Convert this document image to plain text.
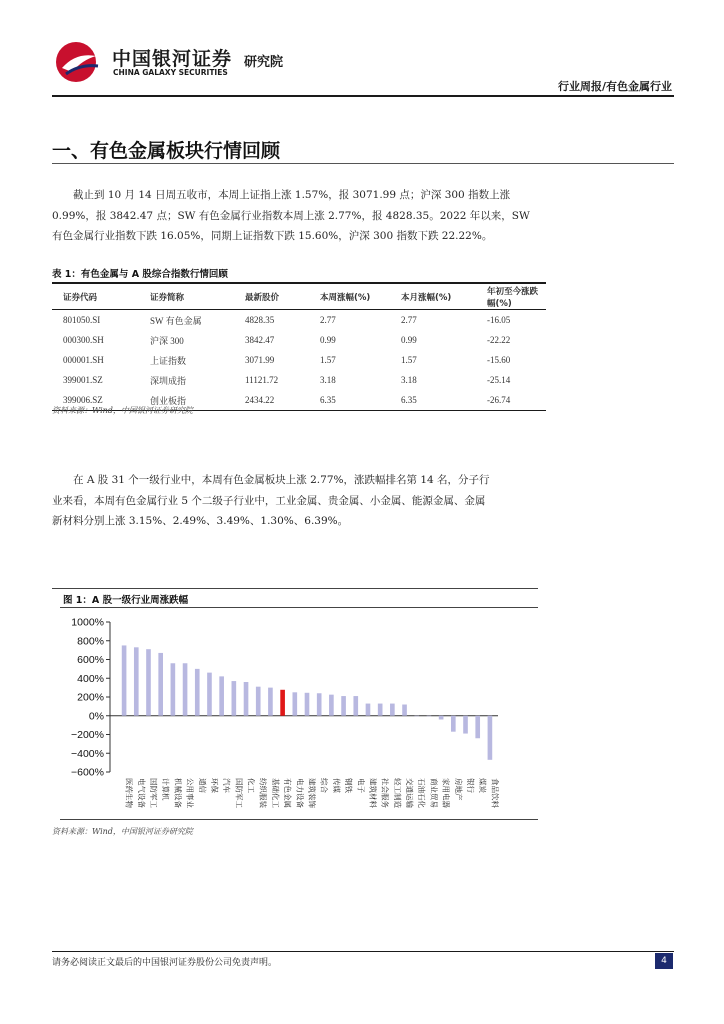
中国银河证券
CHINA GALAXY SECURITIES
研究院
行业周报/有色金属行业
一、有色金属板块行情回顾
截止到 10 月 14 日周五收市，本周上证指上涨 1.57%，报 3071.99 点；沪深 300 指数上涨
0.99%，报 3842.47 点；SW 有色金属行业指数本周上涨 2.77%，报 4828.35。2022 年以来，SW
有色金属行业指数下跌 16.05%，同期上证指数下跌 15.60%，沪深 300 指数下跌 22.22%。
表 1：有色金属与 A 股综合指数行情回顾
证券代码	证券简称	最新股价	本周涨幅(%)	本月涨幅(%)	年初至今涨跌幅(%)
801050.SI	SW 有色金属	4828.35	2.77	2.77	-16.05
000300.SH	沪深 300	3842.47	0.99	0.99	-22.22
000001.SH	上证指数	3071.99	1.57	1.57	-15.60
399001.SZ	深圳成指	11121.72	3.18	3.18	-25.14
399006.SZ	创业板指	2434.22	6.35	6.35	-26.74
资料来源：Wind，中国银河证券研究院
在 A 股 31 个一级行业中，本周有色金属板块上涨 2.77%，涨跌幅排名第 14 名，分子行
业来看，本周有色金属行业 5 个二级子行业中，工业金属、贵金属、小金属、能源金属、金属
新材料分别上涨 3.15%、2.49%、3.49%、1.30%、6.39%。
图 1：A 股一级行业周涨跌幅
1000%
800%
600%
400%
200%
0%
−200%
−400%
−600%
医药生物 电气设备 国防军工 计算机 机械设备 公用事业 通信 环保 汽车 国防军工 化工 纺织服装 基础化工 有色金属 电力设备 建筑装饰 综合 传媒 钢铁 电子 建筑材料 社会服务 轻工制造 交通运输 石油石化 商业贸易 家用电器 房地产 银行 煤炭 食品饮料
资料来源：Wind，中国银河证券研究院
请务必阅读正文最后的中国银河证券股份公司免责声明。	4
